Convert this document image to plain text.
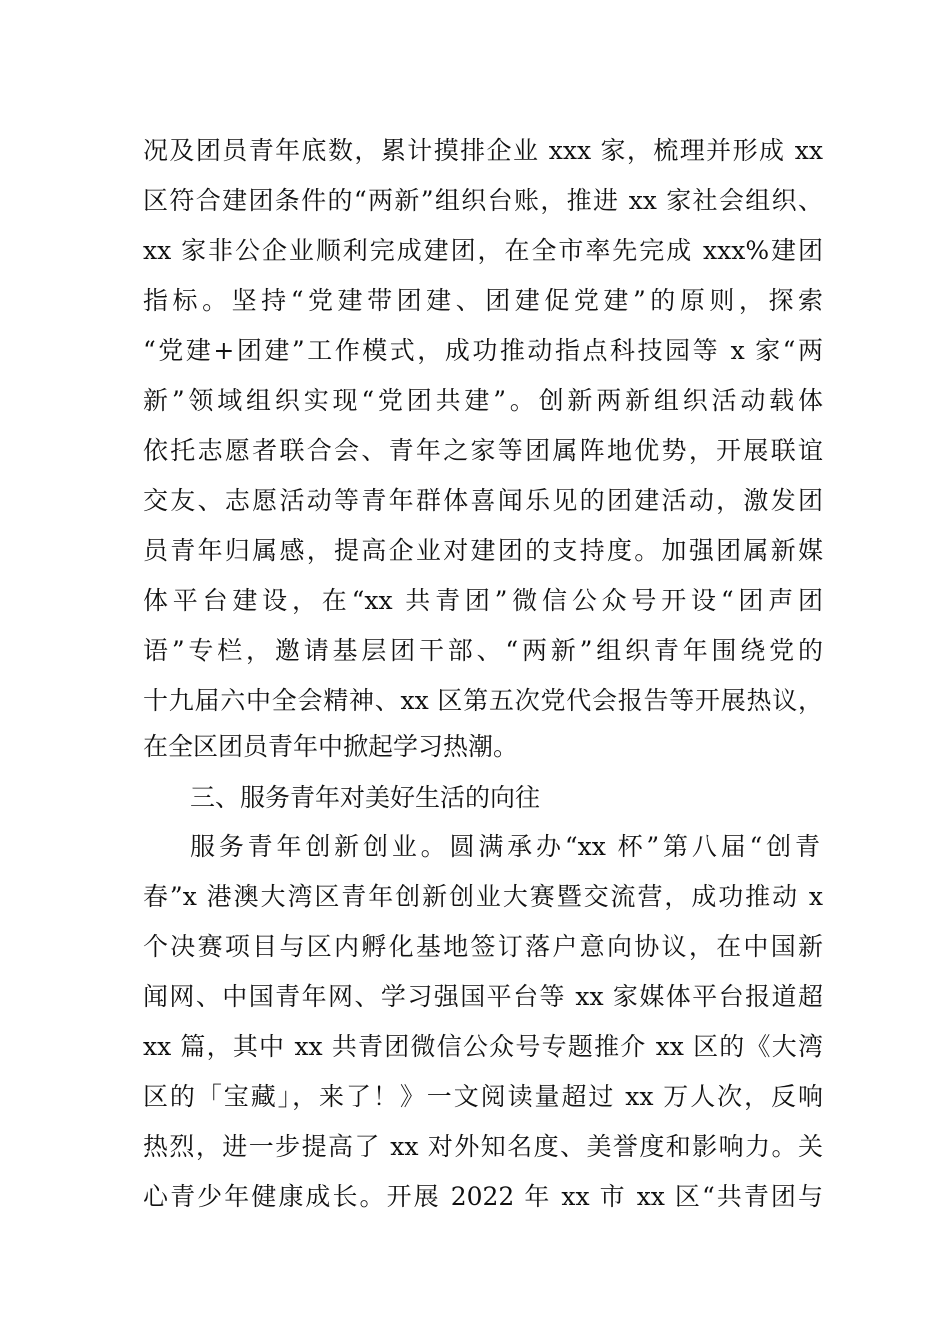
况及团员青年底数，累计摸排企业 xxx 家，梳理并形成 xx
区符合建团条件的“两新”组织台账，推进 xx 家社会组织、
xx 家非公企业顺利完成建团，在全市率先完成 xxx%建团
指标。坚持“党建带团建、团建促党建”的原则，探索
“党建+团建”工作模式，成功推动指点科技园等 x 家“两
新”领域组织实现“党团共建”。创新两新组织活动载体
依托志愿者联合会、青年之家等团属阵地优势，开展联谊
交友、志愿活动等青年群体喜闻乐见的团建活动，激发团
员青年归属感，提高企业对建团的支持度。加强团属新媒
体平台建设，在“xx 共青团”微信公众号开设“团声团
语”专栏，邀请基层团干部、“两新”组织青年围绕党的
十九届六中全会精神、xx 区第五次党代会报告等开展热议，
在全区团员青年中掀起学习热潮。
三、服务青年对美好生活的向往
服务青年创新创业。圆满承办“xx 杯”第八届“创青
春”x 港澳大湾区青年创新创业大赛暨交流营，成功推动 x
个决赛项目与区内孵化基地签订落户意向协议，在中国新
闻网、中国青年网、学习强国平台等 xx 家媒体平台报道超
xx 篇，其中 xx 共青团微信公众号专题推介 xx 区的《大湾
区的「宝藏」，来了！》一文阅读量超过 xx 万人次，反响
热烈，进一步提高了 xx 对外知名度、美誉度和影响力。关
心青少年健康成长。开展 2022 年 xx 市 xx 区“共青团与
